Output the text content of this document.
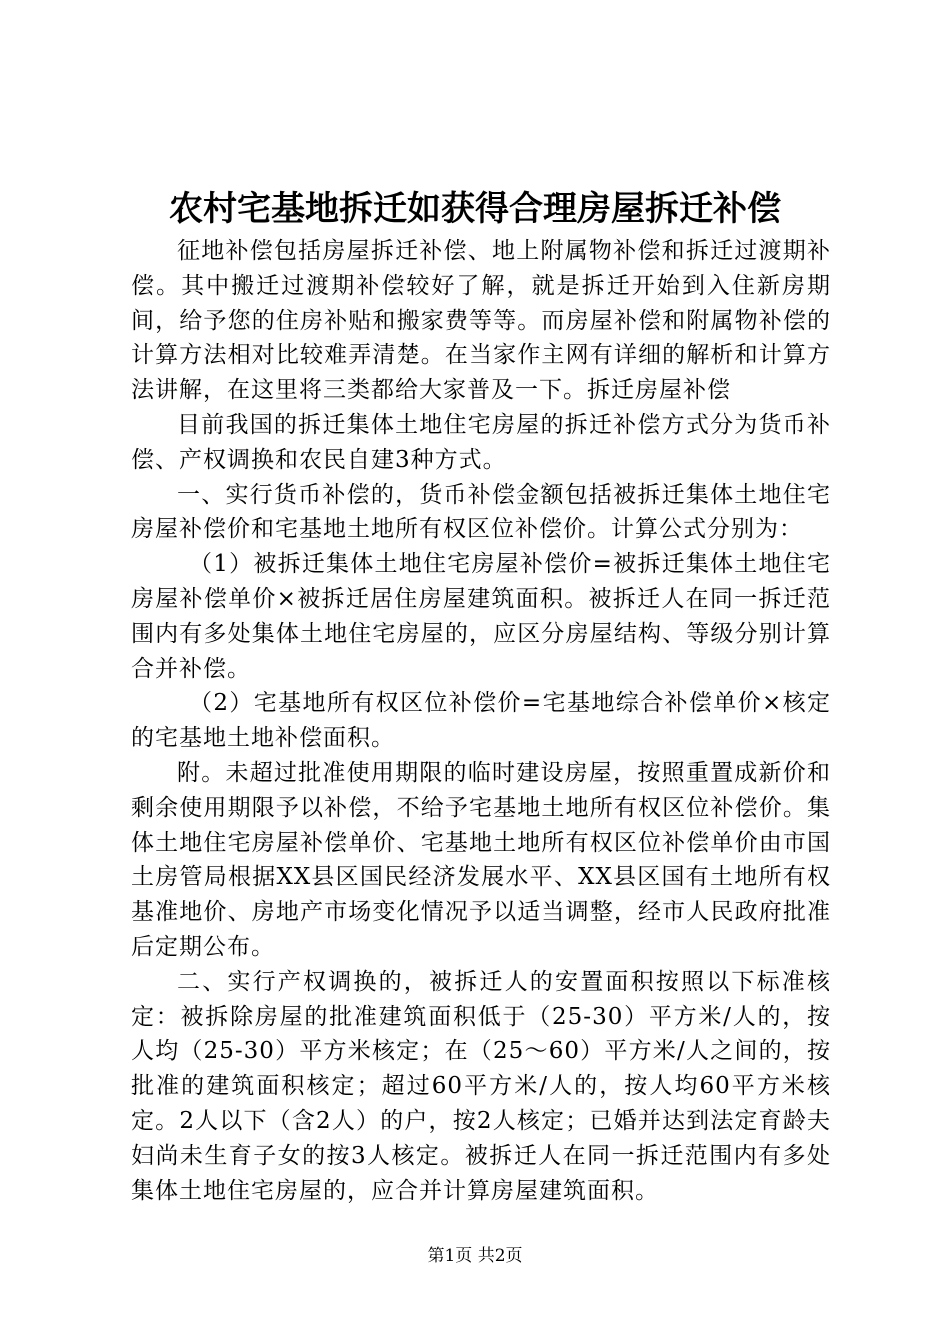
农村宅基地拆迁如获得合理房屋拆迁补偿

征地补偿包括房屋拆迁补偿、地上附属物补偿和拆迁过渡期补偿。其中搬迁过渡期补偿较好了解，就是拆迁开始到入住新房期间，给予您的住房补贴和搬家费等等。而房屋补偿和附属物补偿的计算方法相对比较难弄清楚。在当家作主网有详细的解析和计算方法讲解，在这里将三类都给大家普及一下。拆迁房屋补偿

目前我国的拆迁集体土地住宅房屋的拆迁补偿方式分为货币补偿、产权调换和农民自建3种方式。

一、实行货币补偿的，货币补偿金额包括被拆迁集体土地住宅房屋补偿价和宅基地土地所有权区位补偿价。计算公式分别为：

（1）被拆迁集体土地住宅房屋补偿价=被拆迁集体土地住宅房屋补偿单价×被拆迁居住房屋建筑面积。被拆迁人在同一拆迁范围内有多处集体土地住宅房屋的，应区分房屋结构、等级分别计算合并补偿。

（2）宅基地所有权区位补偿价=宅基地综合补偿单价×核定的宅基地土地补偿面积。

附。未超过批准使用期限的临时建设房屋，按照重置成新价和剩余使用期限予以补偿，不给予宅基地土地所有权区位补偿价。集体土地住宅房屋补偿单价、宅基地土地所有权区位补偿单价由市国土房管局根据XX县区国民经济发展水平、XX县区国有土地所有权基准地价、房地产市场变化情况予以适当调整，经市人民政府批准后定期公布。

二、实行产权调换的，被拆迁人的安置面积按照以下标准核定：被拆除房屋的批准建筑面积低于（25-30）平方米/人的，按人均（25-30）平方米核定；在（25～60）平方米/人之间的，按批准的建筑面积核定；超过60平方米/人的，按人均60平方米核定。2人以下（含2人）的户，按2人核定；已婚并达到法定育龄夫妇尚未生育子女的按3人核定。被拆迁人在同一拆迁范围内有多处集体土地住宅房屋的，应合并计算房屋建筑面积。

第1页 共2页
